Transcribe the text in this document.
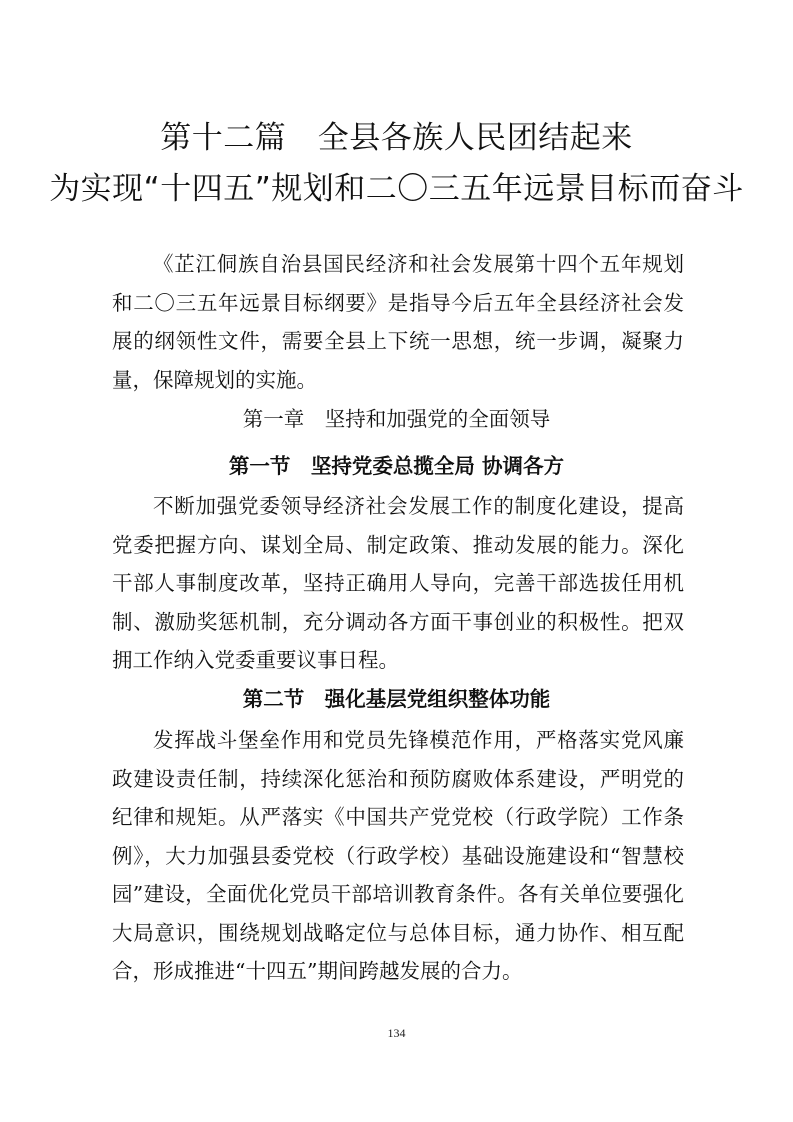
第十二篇　全县各族人民团结起来
为实现“十四五”规划和二〇三五年远景目标而奋斗

《芷江侗族自治县国民经济和社会发展第十四个五年规划和二〇三五年远景目标纲要》是指导今后五年全县经济社会发展的纲领性文件，需要全县上下统一思想，统一步调，凝聚力量，保障规划的实施。

第一章　坚持和加强党的全面领导
第一节　坚持党委总揽全局 协调各方

不断加强党委领导经济社会发展工作的制度化建设，提高党委把握方向、谋划全局、制定政策、推动发展的能力。深化干部人事制度改革，坚持正确用人导向，完善干部选拔任用机制、激励奖惩机制，充分调动各方面干事创业的积极性。把双拥工作纳入党委重要议事日程。

第二节　强化基层党组织整体功能

发挥战斗堡垒作用和党员先锋模范作用，严格落实党风廉政建设责任制，持续深化惩治和预防腐败体系建设，严明党的纪律和规矩。从严落实《中国共产党党校（行政学院）工作条例》，大力加强县委党校（行政学校）基础设施建设和“智慧校园”建设，全面优化党员干部培训教育条件。各有关单位要强化大局意识，围绕规划战略定位与总体目标，通力协作、相互配合，形成推进“十四五”期间跨越发展的合力。

134
